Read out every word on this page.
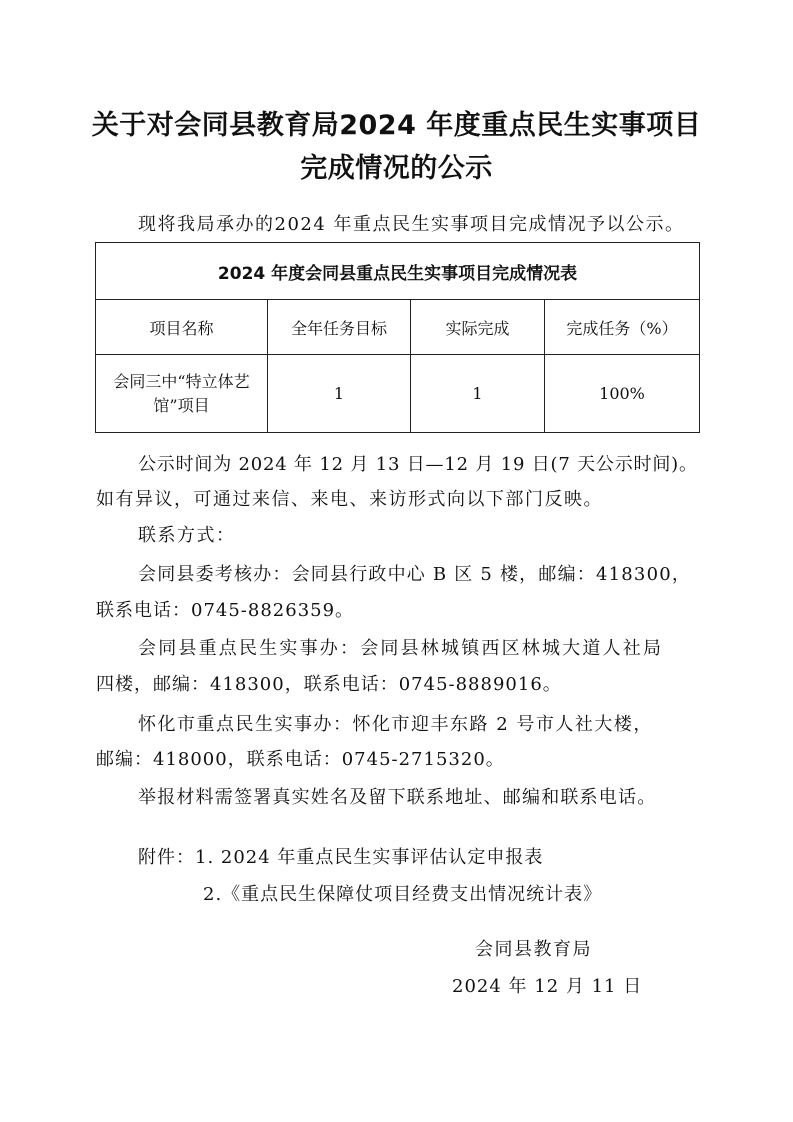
关于对会同县教育局2024 年度重点民生实事项目
完成情况的公示
现将我局承办的2024 年重点民生实事项目完成情况予以公示。
2024 年度会同县重点民生实事项目完成情况表			
项目名称	全年任务目标	实际完成	完成任务（%）
会同三中“特立体艺馆”项目	1	1	100%
公示时间为 2024 年 12 月 13 日—12 月 19 日(7 天公示时间)。
如有异议，可通过来信、来电、来访形式向以下部门反映。
联系方式：
会同县委考核办：会同县行政中心 B 区 5 楼，邮编：418300，
联系电话：0745-8826359。
会同县重点民生实事办：会同县林城镇西区林城大道人社局
四楼，邮编：418300，联系电话：0745-8889016。
怀化市重点民生实事办：怀化市迎丰东路 2 号市人社大楼，
邮编：418000，联系电话：0745-2715320。
举报材料需签署真实姓名及留下联系地址、邮编和联系电话。
附件：1. 2024 年重点民生实事评估认定申报表
2.《重点民生保障仗项目经费支出情况统计表》
会同县教育局
2024 年 12 月 11 日
